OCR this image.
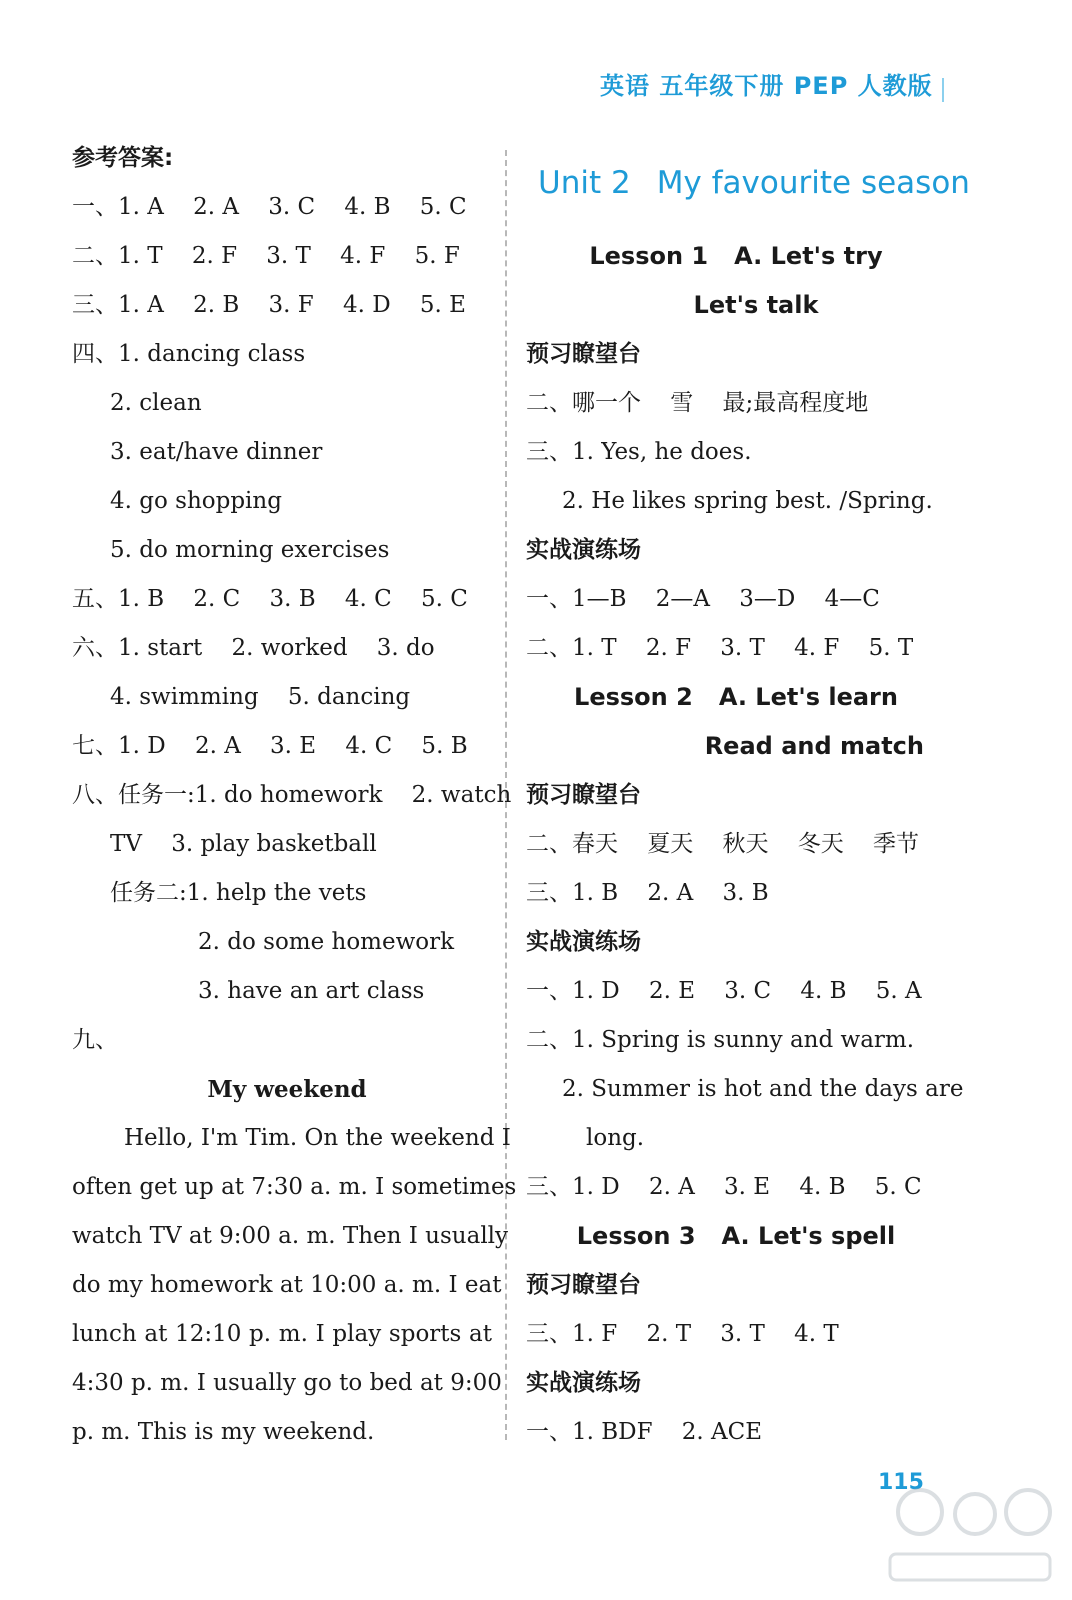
英语 五年级下册 PEP 人教版
参考答案:
一、1. A    2. A    3. C    4. B    5. C
二、1. T    2. F    3. T    4. F    5. F
三、1. A    2. B    3. F    4. D    5. E
四、1. dancing class
2. clean
3. eat/have dinner
4. go shopping
5. do morning exercises
五、1. B    2. C    3. B    4. C    5. C
六、1. start    2. worked    3. do
4. swimming    5. dancing
七、1. D    2. A    3. E    4. C    5. B
八、任务一:1. do homework    2. watch
TV    3. play basketball
任务二:1. help the vets
2. do some homework
3. have an art class
九、
My weekend
Hello, I'm Tim. On the weekend I
often get up at 7:30 a. m. I sometimes
watch TV at 9:00 a. m. Then I usually
do my homework at 10:00 a. m. I eat
lunch at 12:10 p. m. I play sports at
4:30 p. m. I usually go to bed at 9:00
p. m. This is my weekend.
Unit 2 My favourite season
Lesson 1 A. Let's try
Let's talk
预习瞭望台
二、哪一个    雪    最;最高程度地
三、1. Yes, he does.
2. He likes spring best. /Spring.
实战演练场
一、1—B    2—A    3—D    4—C
二、1. T    2. F    3. T    4. F    5. T
Lesson 2 A. Let's learn
Read and match
预习瞭望台
二、春天    夏天    秋天    冬天    季节
三、1. B    2. A    3. B
实战演练场
一、1. D    2. E    3. C    4. B    5. A
二、1. Spring is sunny and warm.
2. Summer is hot and the days are
long.
三、1. D    2. A    3. E    4. B    5. C
Lesson 3 A. Let's spell
预习瞭望台
三、1. F    2. T    3. T    4. T
实战演练场
一、1. BDF    2. ACE
115
